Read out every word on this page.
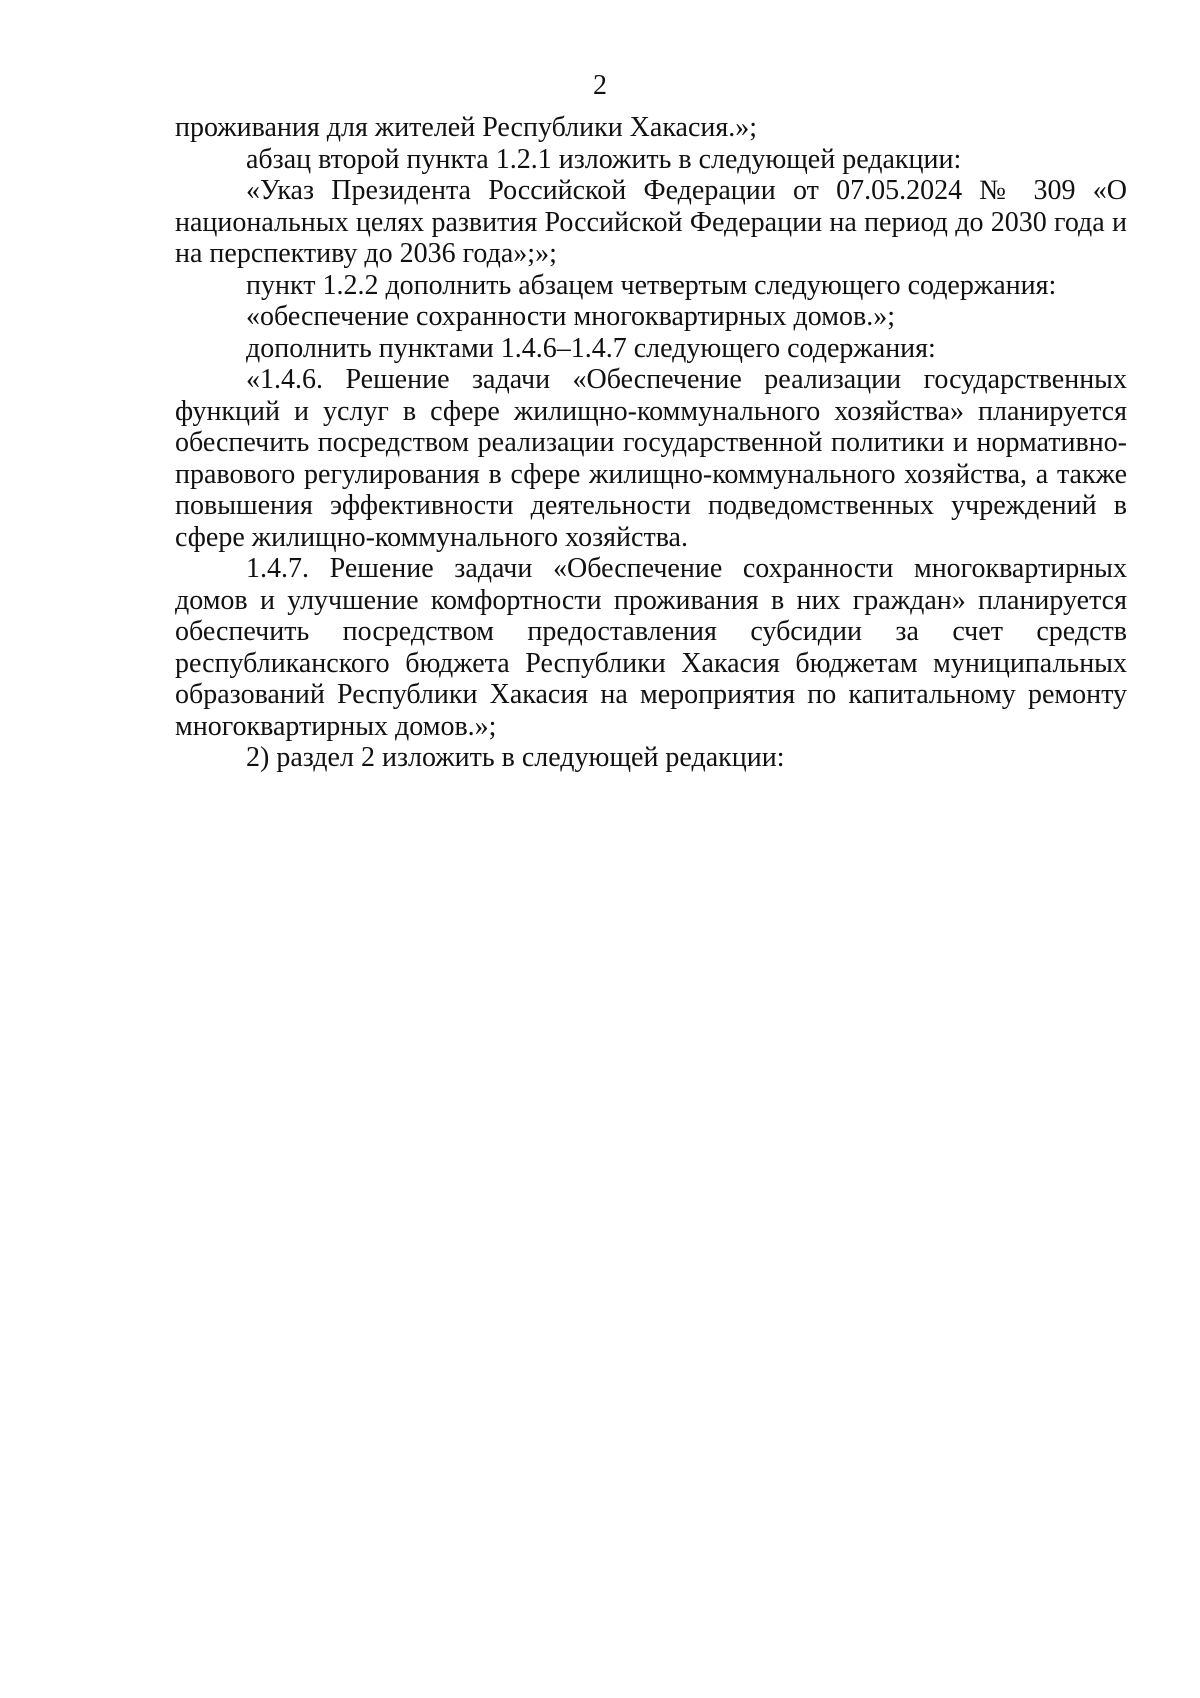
2

проживания для жителей Республики Хакасия.»;

абзац второй пункта 1.2.1 изложить в следующей редакции:

«Указ Президента Российской Федерации от 07.05.2024 № 309 «О национальных целях развития Российской Федерации на период до 2030 года и на перспективу до 2036 года»;»;

пункт 1.2.2 дополнить абзацем четвертым следующего содержания:

«обеспечение сохранности многоквартирных домов.»;

дополнить пунктами 1.4.6–1.4.7 следующего содержания:

«1.4.6. Решение задачи «Обеспечение реализации государственных функций и услуг в сфере жилищно-коммунального хозяйства» планируется обеспечить посредством реализации государственной политики и нормативно-правового регулирования в сфере жилищно-коммунального хозяйства, а также повышения эффективности деятельности подведомственных учреждений в сфере жилищно-коммунального хозяйства.

1.4.7. Решение задачи «Обеспечение сохранности многоквартирных домов и улучшение комфортности проживания в них граждан» планируется обеспечить посредством предоставления субсидии за счет средств республиканского бюджета Республики Хакасия бюджетам муниципальных образований Республики Хакасия на мероприятия по капитальному ремонту многоквартирных домов.»;

2) раздел 2 изложить в следующей редакции:
